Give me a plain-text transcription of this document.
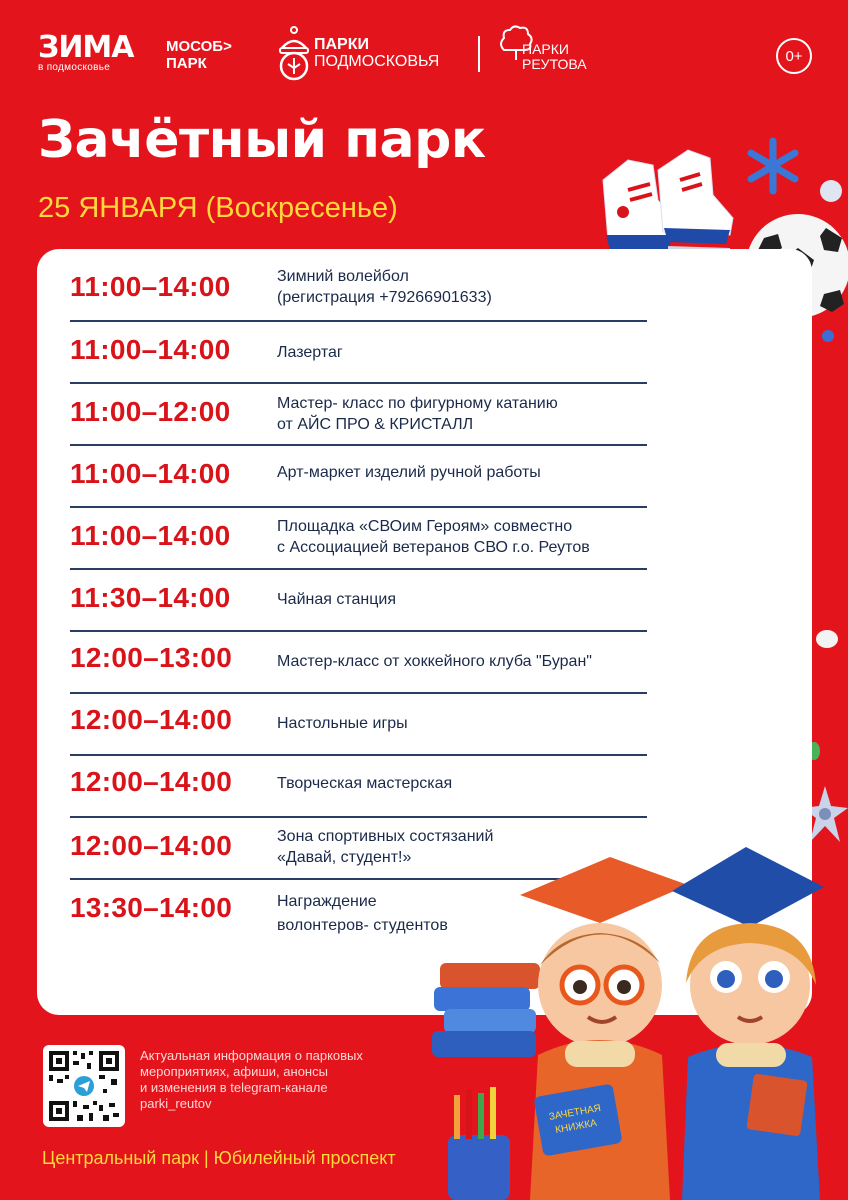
ЗИМА
в подмосковье
МОСОБ>
ПАРК
ПАРКИ
ПОДМОСКОВЬЯ
ПАРКИ
РЕУТОВА	0+
Зачётный парк
25 ЯНВАРЯ (Воскресенье)
11:00–14:00	Зимний волейбол
(регистрация +79266901633)
11:00–14:00	Лазертаг
11:00–12:00	Мастер- класс по фигурному катанию
от АЙС ПРО & КРИСТАЛЛ
11:00–14:00	Арт-маркет изделий ручной работы
11:00–14:00	Площадка «СВОим Героям» совместно
с Ассоциацией ветеранов СВО г.о. Реутов
11:30–14:00	Чайная станция
12:00–13:00	Мастер-класс от хоккейного клуба "Буран"
12:00–14:00	Настольные игры
12:00–14:00	Творческая мастерская
12:00–14:00	Зона спортивных состязаний
«Давай, студент!»
13:30–14:00	Награждение
волонтеров- студентов
ЗАЧЕТНАЯ
КНИЖКА
Актуальная информация о парковых
мероприятиях, афиши, анонсы
и изменения в telegram-канале
parki_reutov
Центральный парк | Юбилейный проспект
